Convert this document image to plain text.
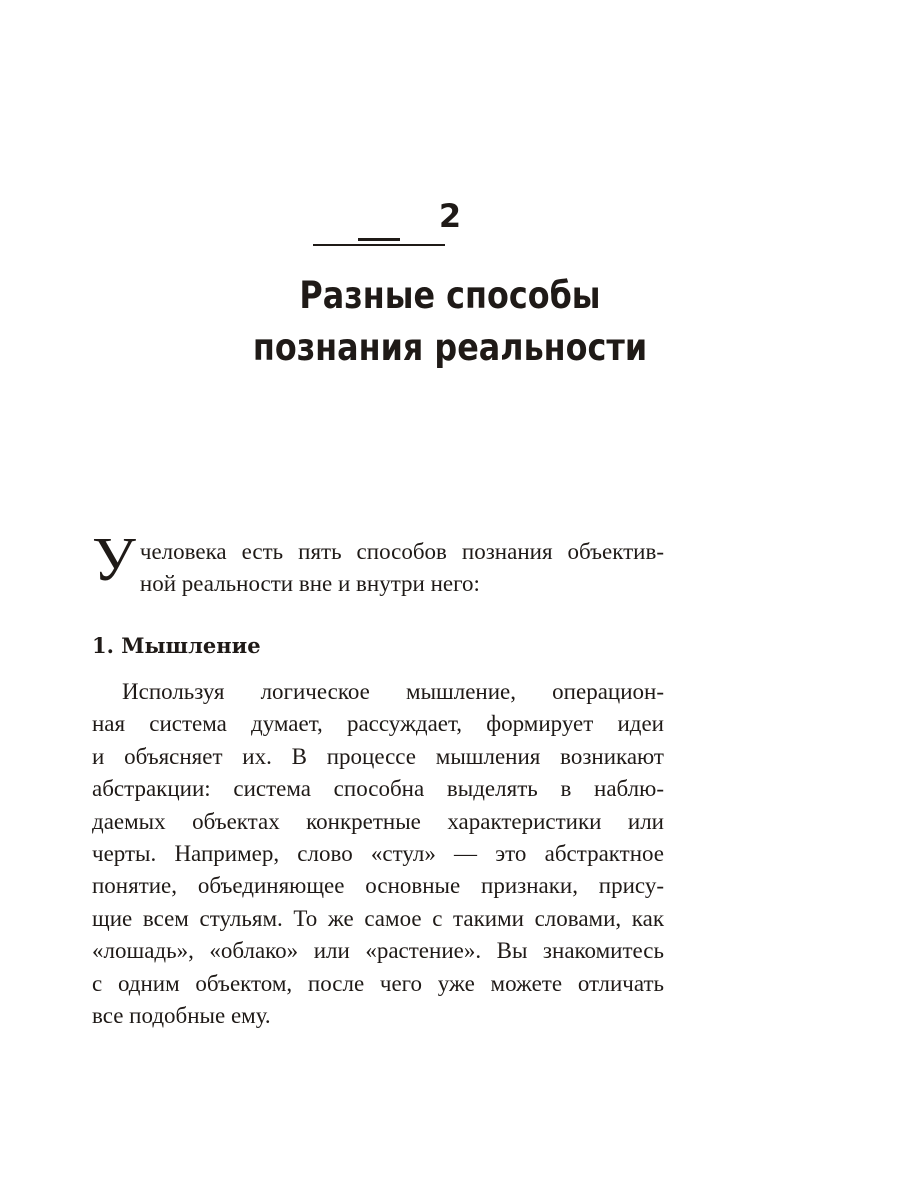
2
Разные способы
познания реальности

У человека есть пять способов познания объектив-
ной реальности вне и внутри него:

1. Мышление

Используя логическое мышление, операцион-
ная система думает, рассуждает, формирует идеи
и объясняет их. В процессе мышления возникают
абстракции: система способна выделять в наблю-
даемых объектах конкретные характеристики или
черты. Например, слово «стул» — это абстрактное
понятие, объединяющее основные признаки, прису-
щие всем стульям. То же самое с такими словами, как
«лошадь», «облако» или «растение». Вы знакомитесь
с одним объектом, после чего уже можете отличать
все подобные ему.
